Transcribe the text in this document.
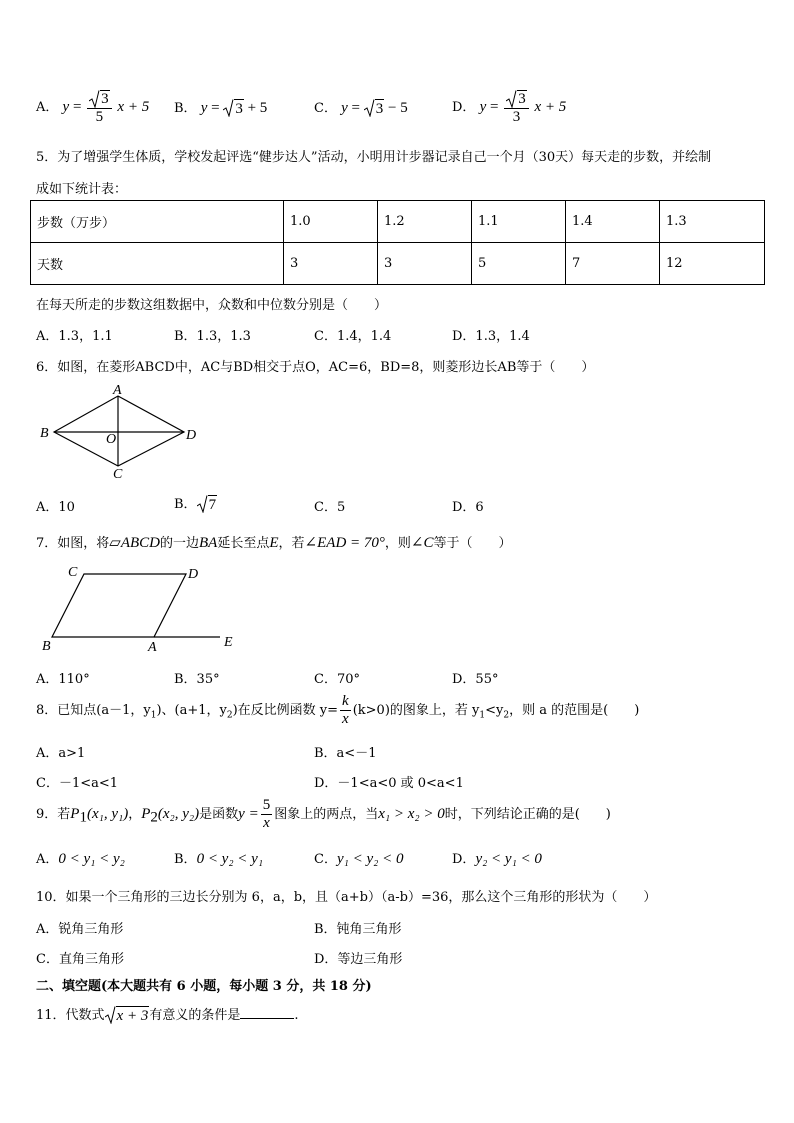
A． $y = \frac{3}{5}$ x + 5 B． y = 3 + 5	C． y = 3 − 5	D． $y = \frac{3}{3}$ x + 5
5．为了增强学生体质，学校发起评选“健步达人”活动，小明用计步器记录自己一个月（30天）每天走的步数，并绘制
成如下统计表：
步数（万步）	1.0	1.2	1.1	1.4	1.3
天数	3	3	5	7	12
在每天所走的步数这组数据中，众数和中位数分别是（　　）
A．1.3，1.1	B．1.3，1.3	C．1.4，1.4	D．1.3，1.4
6．如图，在菱形ABCD中，AC与BD相交于点O，AC=6，BD=8，则菱形边长AB等于（　　）
A
B
C
D
O
A．10	B． 7	C．5	D．6
7．如图，将▱ABCD的一边BA延长至点E，若∠EAD = 70°，则∠C等于（　　）
C	D
B	A	E
A．110°	B．35°	C．70°	D．55°
8．已知点(a－1，$y_1$)、(a+1，$y_2$)在反比例函数 $y= \frac{k}{x} (k>0)$的图象上，若 $y_1<y_2$，则 a 的范围是(　　)
A．a>1	B．a<－1
C．－1<a<1	D．－1<a<0 或 0<a<1
9．若$P_1(x_1$, y₁)，$P_2(x_2$, y₂)是函数$y = \frac{5}{x}$ 图象上的两点，当x₁ > x₂ > 0时，下列结论正确的是(　　)
A．0 < y₁ < y₂	B．0 < y₂ < y₁	C．y₁ < y₂ < 0	D．y₂ < y₁ < 0
10．如果一个三角形的三边长分别为 6，a，b，且（a+b）（a-b）=36，那么这个三角形的形状为（　　）
A．锐角三角形	B．钝角三角形
C．直角三角形	D．等边三角形
二、填空题(本大题共有 6 小题，每小题 3 分，共 18 分)
11．代数式 x + 3有意义的条件是	.
